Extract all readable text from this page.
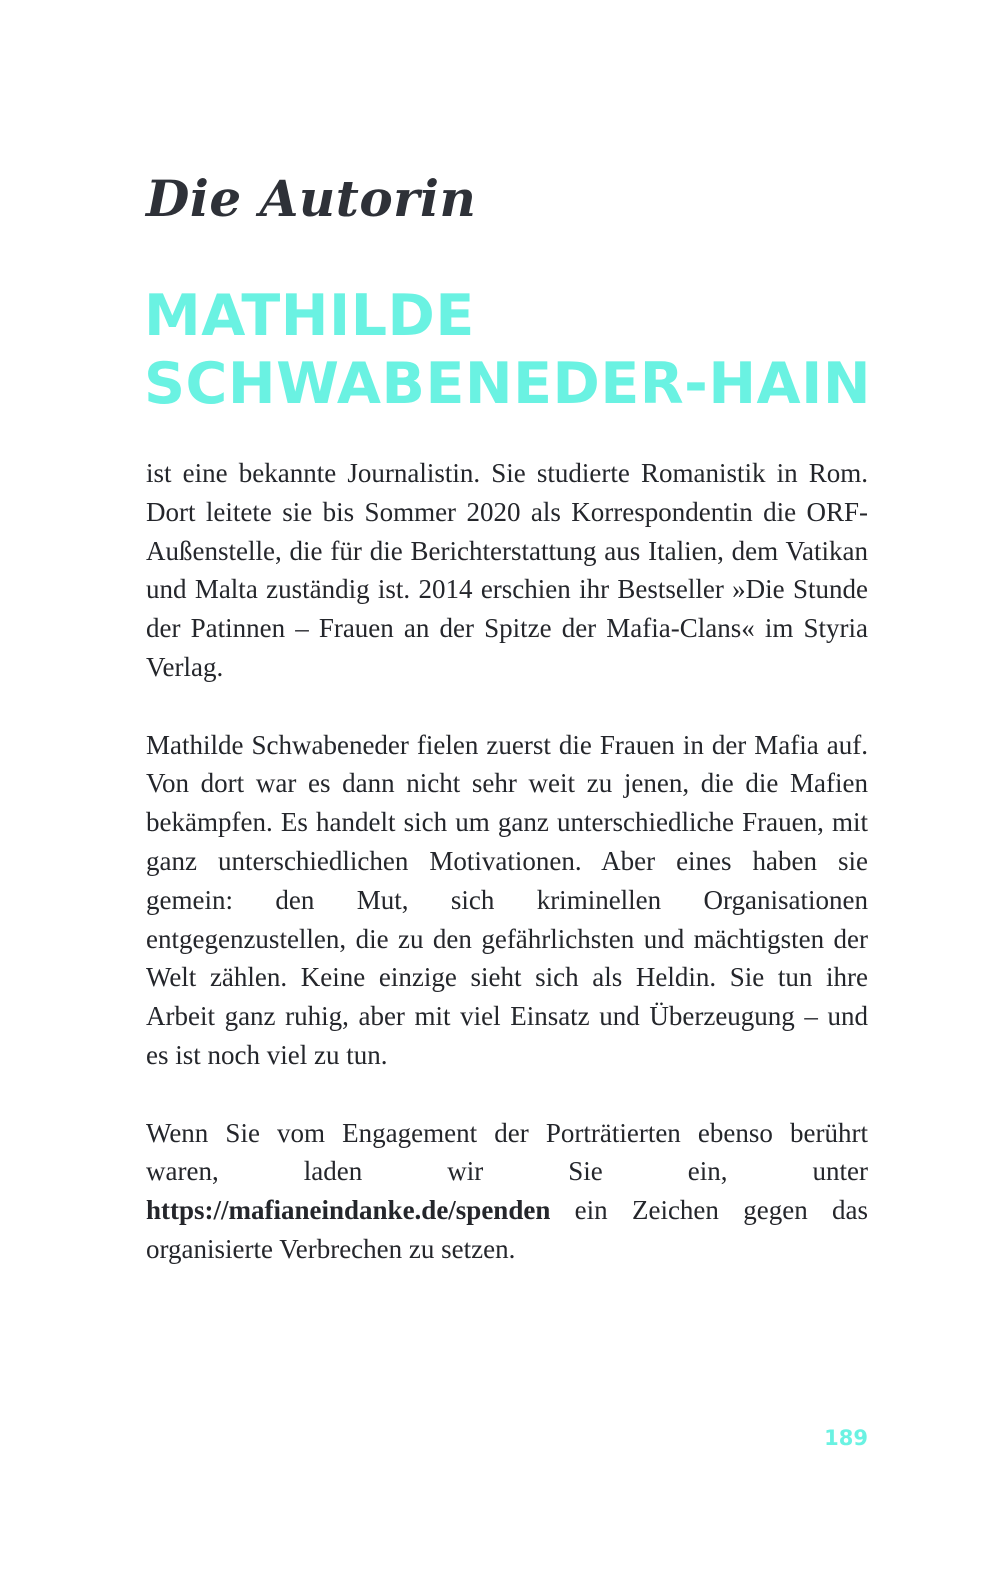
Die Autorin
MATHILDE
SCHWABENEDER-HAIN

ist eine bekannte Journalistin. Sie studierte Romanistik in Rom. Dort leitete sie bis Sommer 2020 als Korrespondentin die ORF-Außenstelle, die für die Berichterstattung aus Italien, dem Vatikan und Malta zuständig ist. 2014 erschien ihr Bestseller »Die Stunde der Patinnen – Frauen an der Spitze der Mafia-Clans« im Styria Verlag.

Mathilde Schwabeneder fielen zuerst die Frauen in der Mafia auf. Von dort war es dann nicht sehr weit zu jenen, die die Mafien bekämpfen. Es handelt sich um ganz unterschiedliche Frauen, mit ganz unterschiedlichen Motivationen. Aber eines haben sie gemein: den Mut, sich kriminellen Organisationen entgegenzustellen, die zu den gefährlichsten und mächtigsten der Welt zählen. Keine einzige sieht sich als Heldin. Sie tun ihre Arbeit ganz ruhig, aber mit viel Einsatz und Überzeugung – und es ist noch viel zu tun.

Wenn Sie vom Engagement der Porträtierten ebenso berührt waren, laden wir Sie ein, unter https://mafianeindanke.de/spenden ein Zeichen gegen das organisierte Verbrechen zu setzen.

189
